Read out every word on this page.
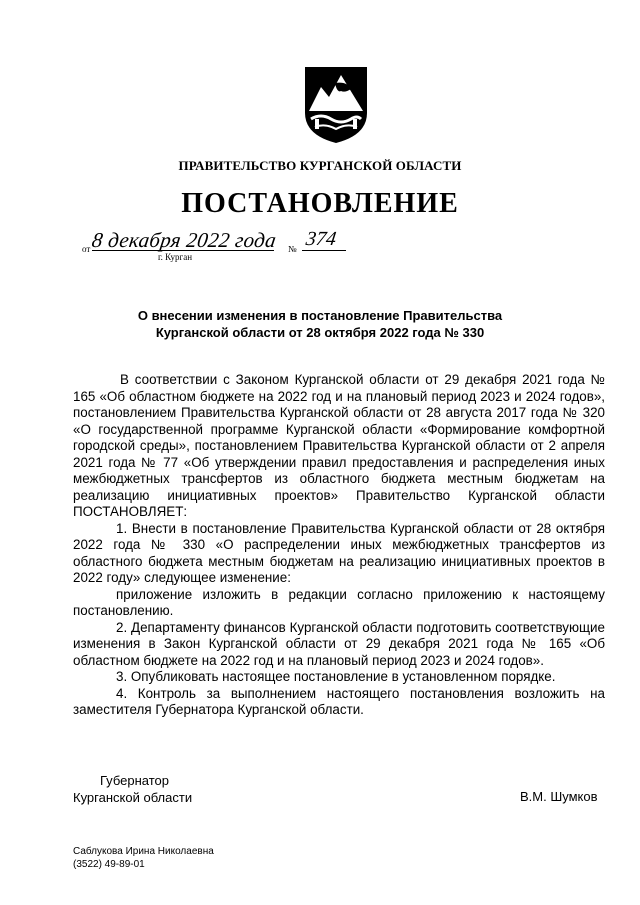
ПРАВИТЕЛЬСТВО КУРГАНСКОЙ ОБЛАСТИ
ПОСТАНОВЛЕНИЕ
от 8 декабря 2022 года
г. Курган
№ 374
О внесении изменения в постановление Правительства
Курганской области от 28 октября 2022 года № 330

В соответствии с Законом Курганской области от 29 декабря 2021 года № 165 «Об областном бюджете на 2022 год и на плановый период 2023 и 2024 годов», постановлением Правительства Курганской области от 28 августа 2017 года № 320 «О государственной программе Курганской области «Формирование комфортной городской среды», постановлением Правительства Курганской области от 2 апреля 2021 года № 77 «Об утверждении правил предоставления и распределения иных межбюджетных трансфертов из областного бюджета местным бюджетам на реализацию инициативных проектов» Правительство Курганской области ПОСТАНОВЛЯЕТ:

1. Внести в постановление Правительства Курганской области от 28 октября 2022 года № 330 «О распределении иных межбюджетных трансфертов из областного бюджета местным бюджетам на реализацию инициативных проектов в 2022 году» следующее изменение:

приложение изложить в редакции согласно приложению к настоящему постановлению.

2. Департаменту финансов Курганской области подготовить соответствующие изменения в Закон Курганской области от 29 декабря 2021 года № 165 «Об областном бюджете на 2022 год и на плановый период 2023 и 2024 годов».

3. Опубликовать настоящее постановление в установленном порядке.

4. Контроль за выполнением настоящего постановления возложить на заместителя Губернатора Курганской области.

Губернатор
Курганской области	В.М. Шумков
Саблукова Ирина Николаевна
(3522) 49-89-01
